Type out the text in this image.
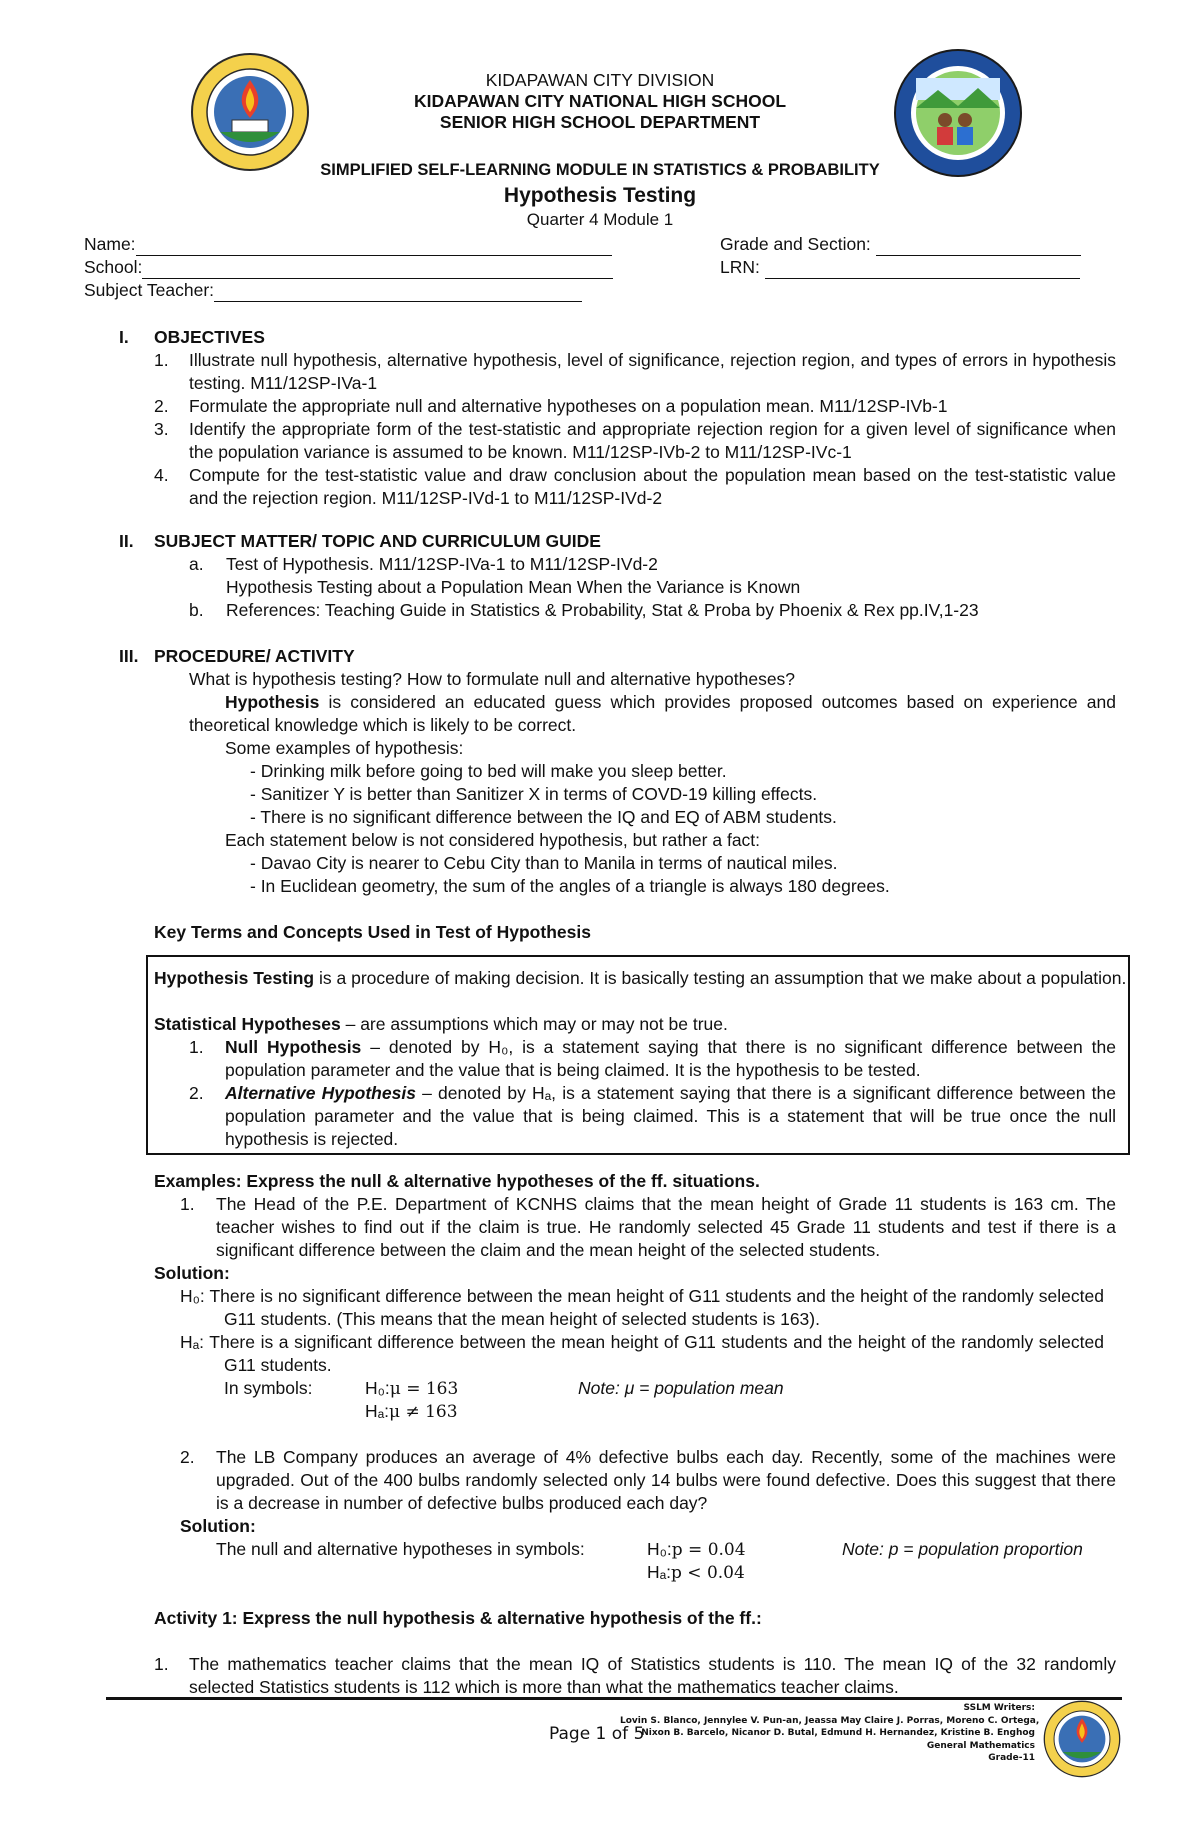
KIDAPAWAN CITY DIVISION
KIDAPAWAN CITY NATIONAL HIGH SCHOOL
SENIOR HIGH SCHOOL DEPARTMENT
SIMPLIFIED SELF-LEARNING MODULE IN STATISTICS & PROBABILITY
Hypothesis Testing
Quarter 4 Module 1
Name:
School:
Subject Teacher:
Grade and Section:
LRN:
I. OBJECTIVES
1. Illustrate null hypothesis, alternative hypothesis, level of significance, rejection region, and types of errors in hypothesis testing. M11/12SP-IVa-1
2. Formulate the appropriate null and alternative hypotheses on a population mean. M11/12SP-IVb-1
3. Identify the appropriate form of the test-statistic and appropriate rejection region for a given level of significance when the population variance is assumed to be known. M11/12SP-IVb-2 to M11/12SP-IVc-1
4. Compute for the test-statistic value and draw conclusion about the population mean based on the test-statistic value and the rejection region. M11/12SP-IVd-1 to M11/12SP-IVd-2
II. SUBJECT MATTER/ TOPIC AND CURRICULUM GUIDE
a. Test of Hypothesis. M11/12SP-IVa-1 to M11/12SP-IVd-2
Hypothesis Testing about a Population Mean When the Variance is Known
b. References: Teaching Guide in Statistics & Probability, Stat & Proba by Phoenix & Rex pp.IV,1-23
III. PROCEDURE/ ACTIVITY
What is hypothesis testing? How to formulate null and alternative hypotheses?
Hypothesis is considered an educated guess which provides proposed outcomes based on experience and theoretical knowledge which is likely to be correct.
Some examples of hypothesis:
- Drinking milk before going to bed will make you sleep better.
- Sanitizer Y is better than Sanitizer X in terms of COVD-19 killing effects.
- There is no significant difference between the IQ and EQ of ABM students.
Each statement below is not considered hypothesis, but rather a fact:
- Davao City is nearer to Cebu City than to Manila in terms of nautical miles.
- In Euclidean geometry, the sum of the angles of a triangle is always 180 degrees.
Key Terms and Concepts Used in Test of Hypothesis
Hypothesis Testing is a procedure of making decision. It is basically testing an assumption that we make about a population.
Statistical Hypotheses – are assumptions which may or may not be true.
1. Null Hypothesis – denoted by H₀, is a statement saying that there is no significant difference between the population parameter and the value that is being claimed. It is the hypothesis to be tested.
2. Alternative Hypothesis – denoted by Hₐ, is a statement saying that there is a significant difference between the population parameter and the value that is being claimed. This is a statement that will be true once the null hypothesis is rejected.
Examples: Express the null & alternative hypotheses of the ff. situations.
1. The Head of the P.E. Department of KCNHS claims that the mean height of Grade 11 students is 163 cm. The teacher wishes to find out if the claim is true. He randomly selected 45 Grade 11 students and test if there is a significant difference between the claim and the mean height of the selected students.
Solution:
H₀: There is no significant difference between the mean height of G11 students and the height of the randomly selected G11 students. (This means that the mean height of selected students is 163).
Hₐ: There is a significant difference between the mean height of G11 students and the height of the randomly selected G11 students.
In symbols:	H₀:μ = 163
Hₐ:μ ≠ 163
Note: μ = population mean
2. The LB Company produces an average of 4% defective bulbs each day. Recently, some of the machines were upgraded. Out of the 400 bulbs randomly selected only 14 bulbs were found defective. Does this suggest that there is a decrease in number of defective bulbs produced each day?
Solution:
The null and alternative hypotheses in symbols:	H₀:p = 0.04
Hₐ:p < 0.04
Note: p = population proportion
Activity 1: Express the null hypothesis & alternative hypothesis of the ff.:
1. The mathematics teacher claims that the mean IQ of Statistics students is 110. The mean IQ of the 32 randomly selected Statistics students is 112 which is more than what the mathematics teacher claims.
Page 1 of 5
SSLM Writers:
Lovin S. Blanco, Jennylee V. Pun-an, Jeassa May Claire J. Porras, Moreno C. Ortega,
Nixon B. Barcelo, Nicanor D. Butal, Edmund H. Hernandez, Kristine B. Enghog
General Mathematics
Grade-11
